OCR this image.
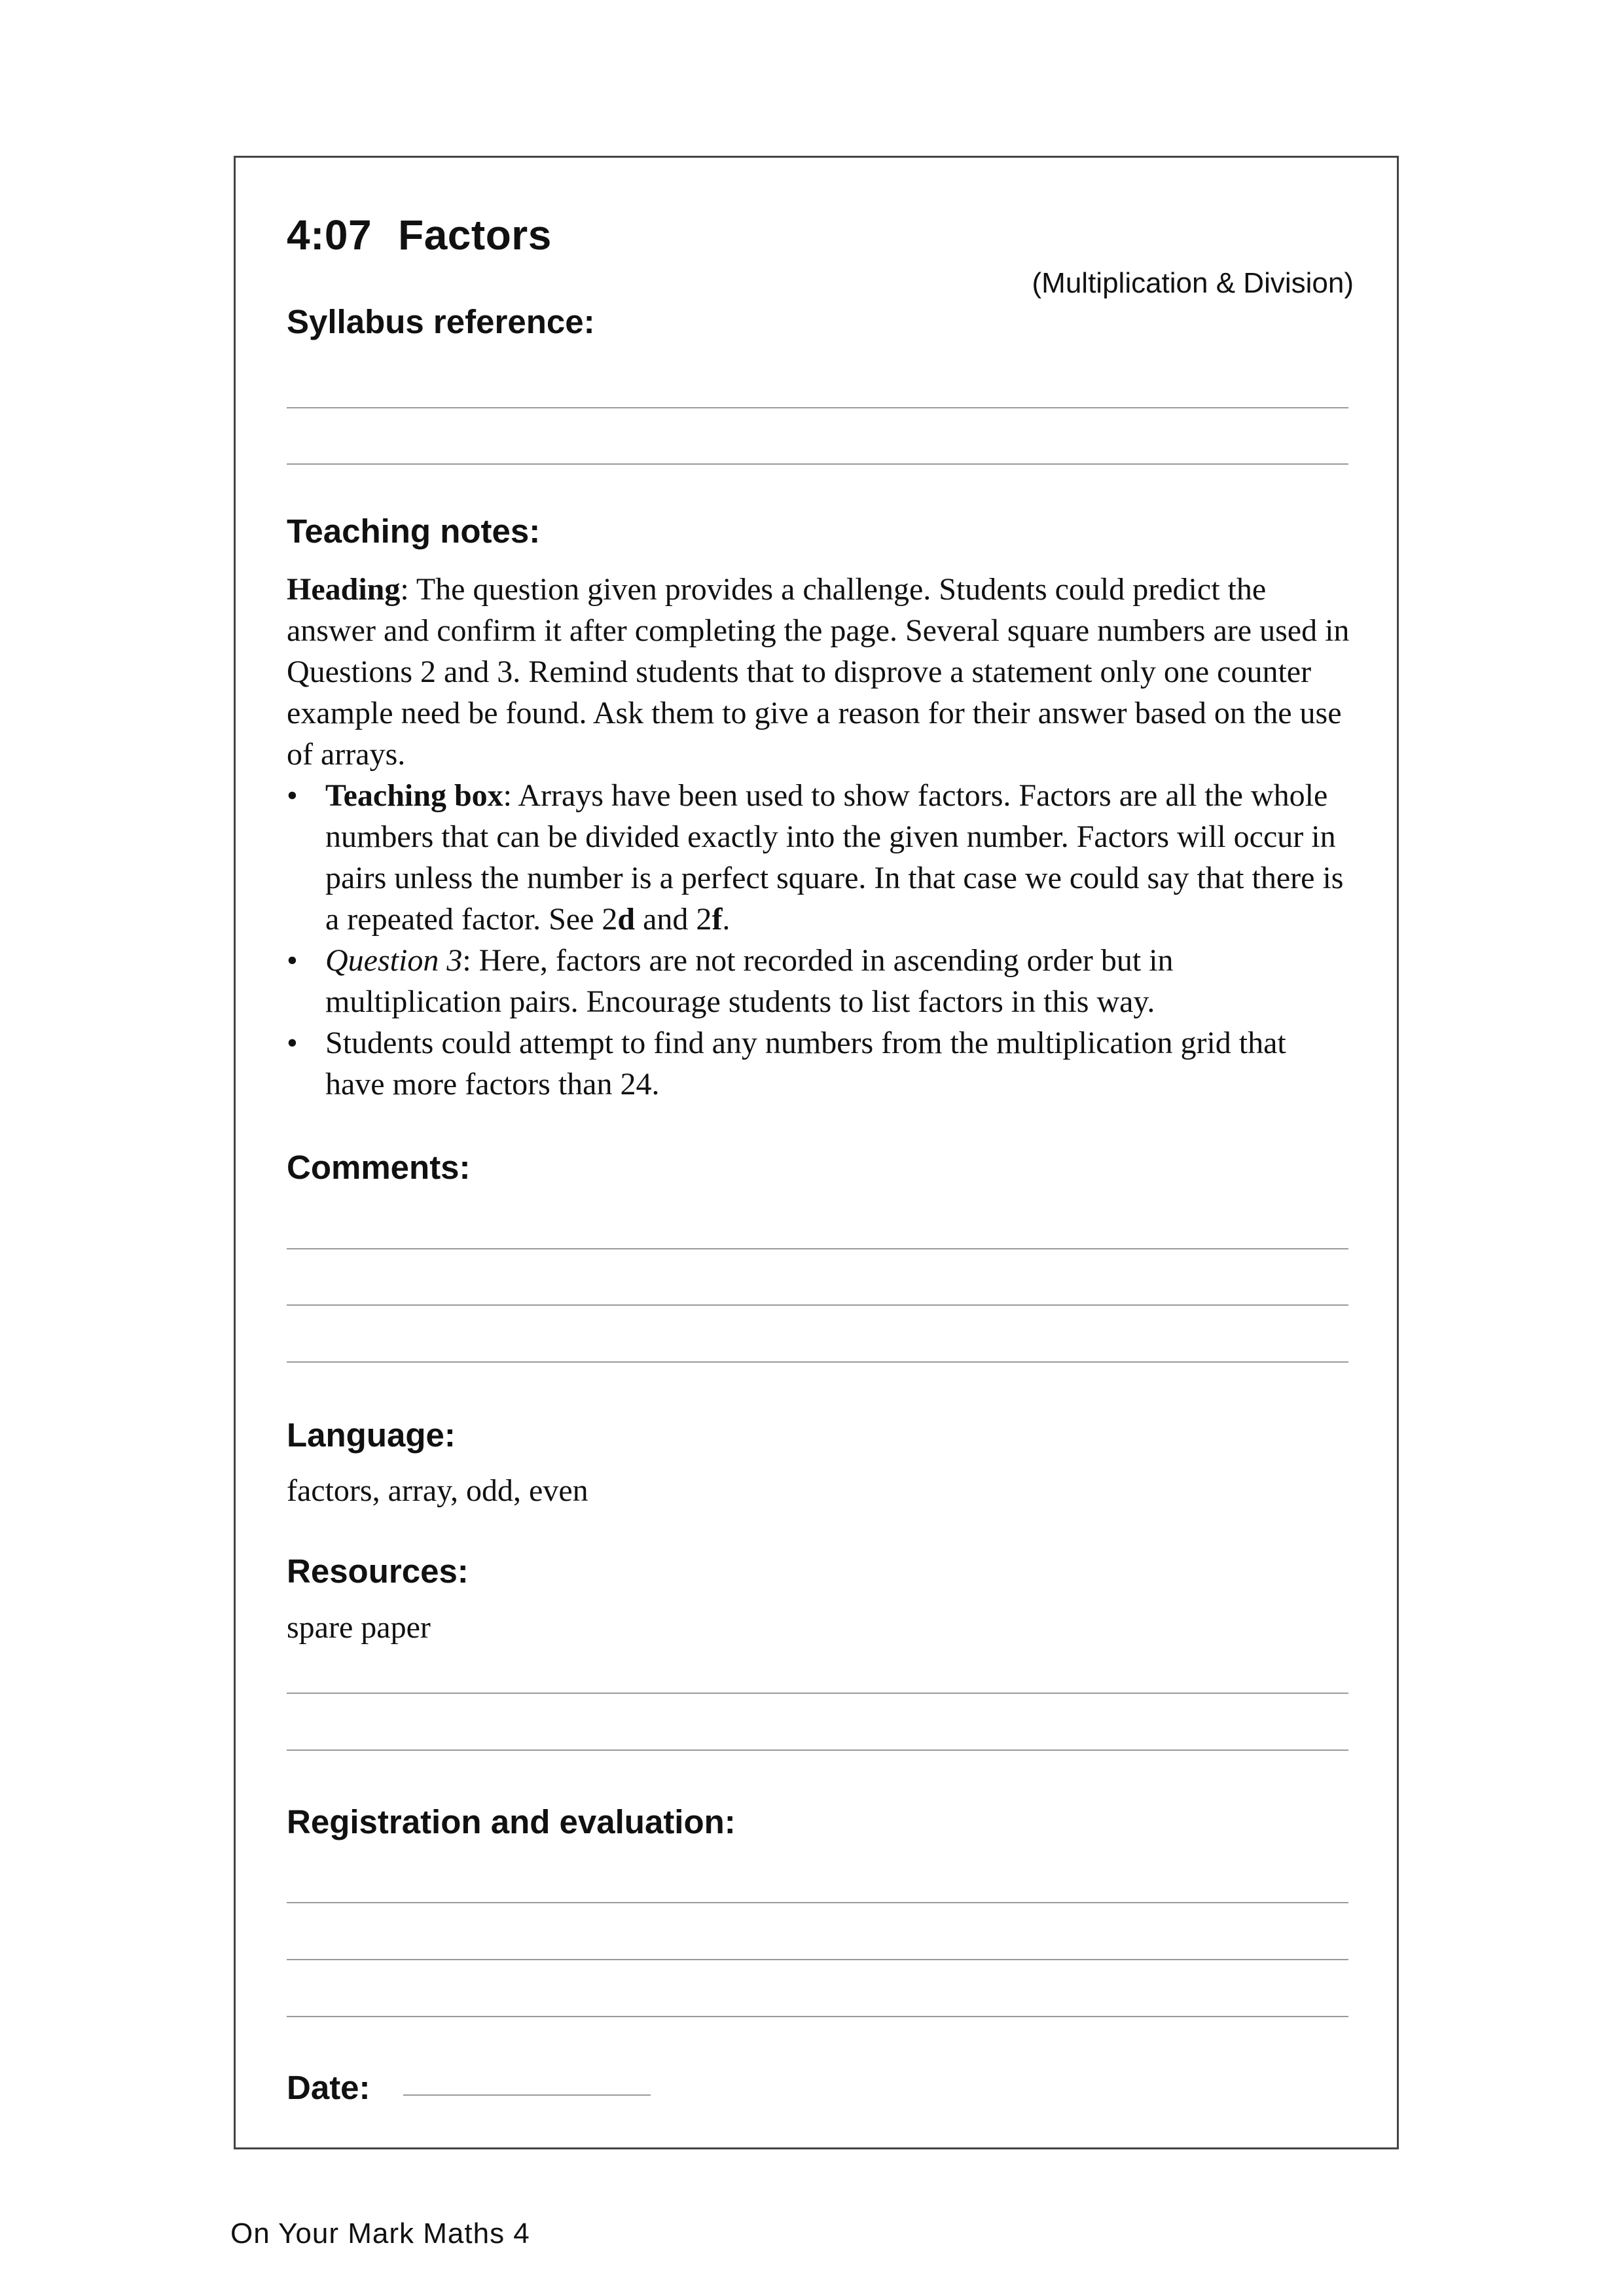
4:07 Factors
(Multiplication & Division)
Syllabus reference:
Teaching notes:

Heading: The question given provides a challenge. Students could predict the answer and confirm it after completing the page. Several square numbers are used in Questions 2 and 3. Remind students that to disprove a statement only one counter example need be found. Ask them to give a reason for their answer based on the use of arrays.

• Teaching box: Arrays have been used to show factors. Factors are all the whole numbers that can be divided exactly into the given number. Factors will occur in pairs unless the number is a perfect square. In that case we could say that there is a repeated factor. See 2d and 2f.
• Question 3: Here, factors are not recorded in ascending order but in multiplication pairs. Encourage students to list factors in this way.
• Students could attempt to find any numbers from the multiplication grid that have more factors than 24.
Comments:
Language:
factors, array, odd, even
Resources:
spare paper
Registration and evaluation:
Date:
On Your Mark Maths 4
